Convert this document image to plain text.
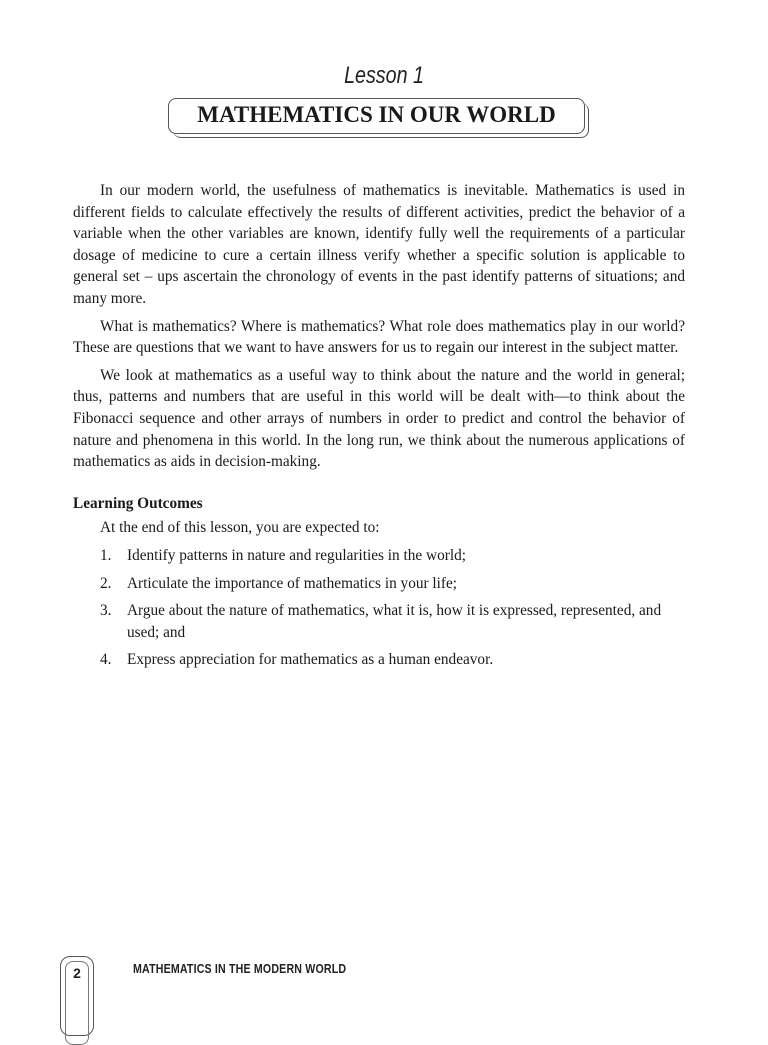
Lesson 1
MATHEMATICS IN OUR WORLD

In our modern world, the usefulness of mathematics is inevitable. Mathematics is used in different fields to calculate effectively the results of different activities, predict the behavior of a variable when the other variables are known, identify fully well the requirements of a particular dosage of medicine to cure a certain illness verify whether a specific solution is applicable to general set – ups ascertain the chronology of events in the past identify patterns of situations; and many more.

What is mathematics? Where is mathematics? What role does mathematics play in our world? These are questions that we want to have answers for us to regain our interest in the subject matter.

We look at mathematics as a useful way to think about the nature and the world in general; thus, patterns and numbers that are useful in this world will be dealt with—to think about the Fibonacci sequence and other arrays of numbers in order to predict and control the behavior of nature and phenomena in this world. In the long run, we think about the numerous applications of mathematics as aids in decision-making.

Learning Outcomes
At the end of this lesson, you are expected to:
1. Identify patterns in nature and regularities in the world;
2. Articulate the importance of mathematics in your life;
3. Argue about the nature of mathematics, what it is, how it is expressed, represented, and used; and
4. Express appreciation for mathematics as a human endeavor.
2	MATHEMATICS IN THE MODERN WORLD
